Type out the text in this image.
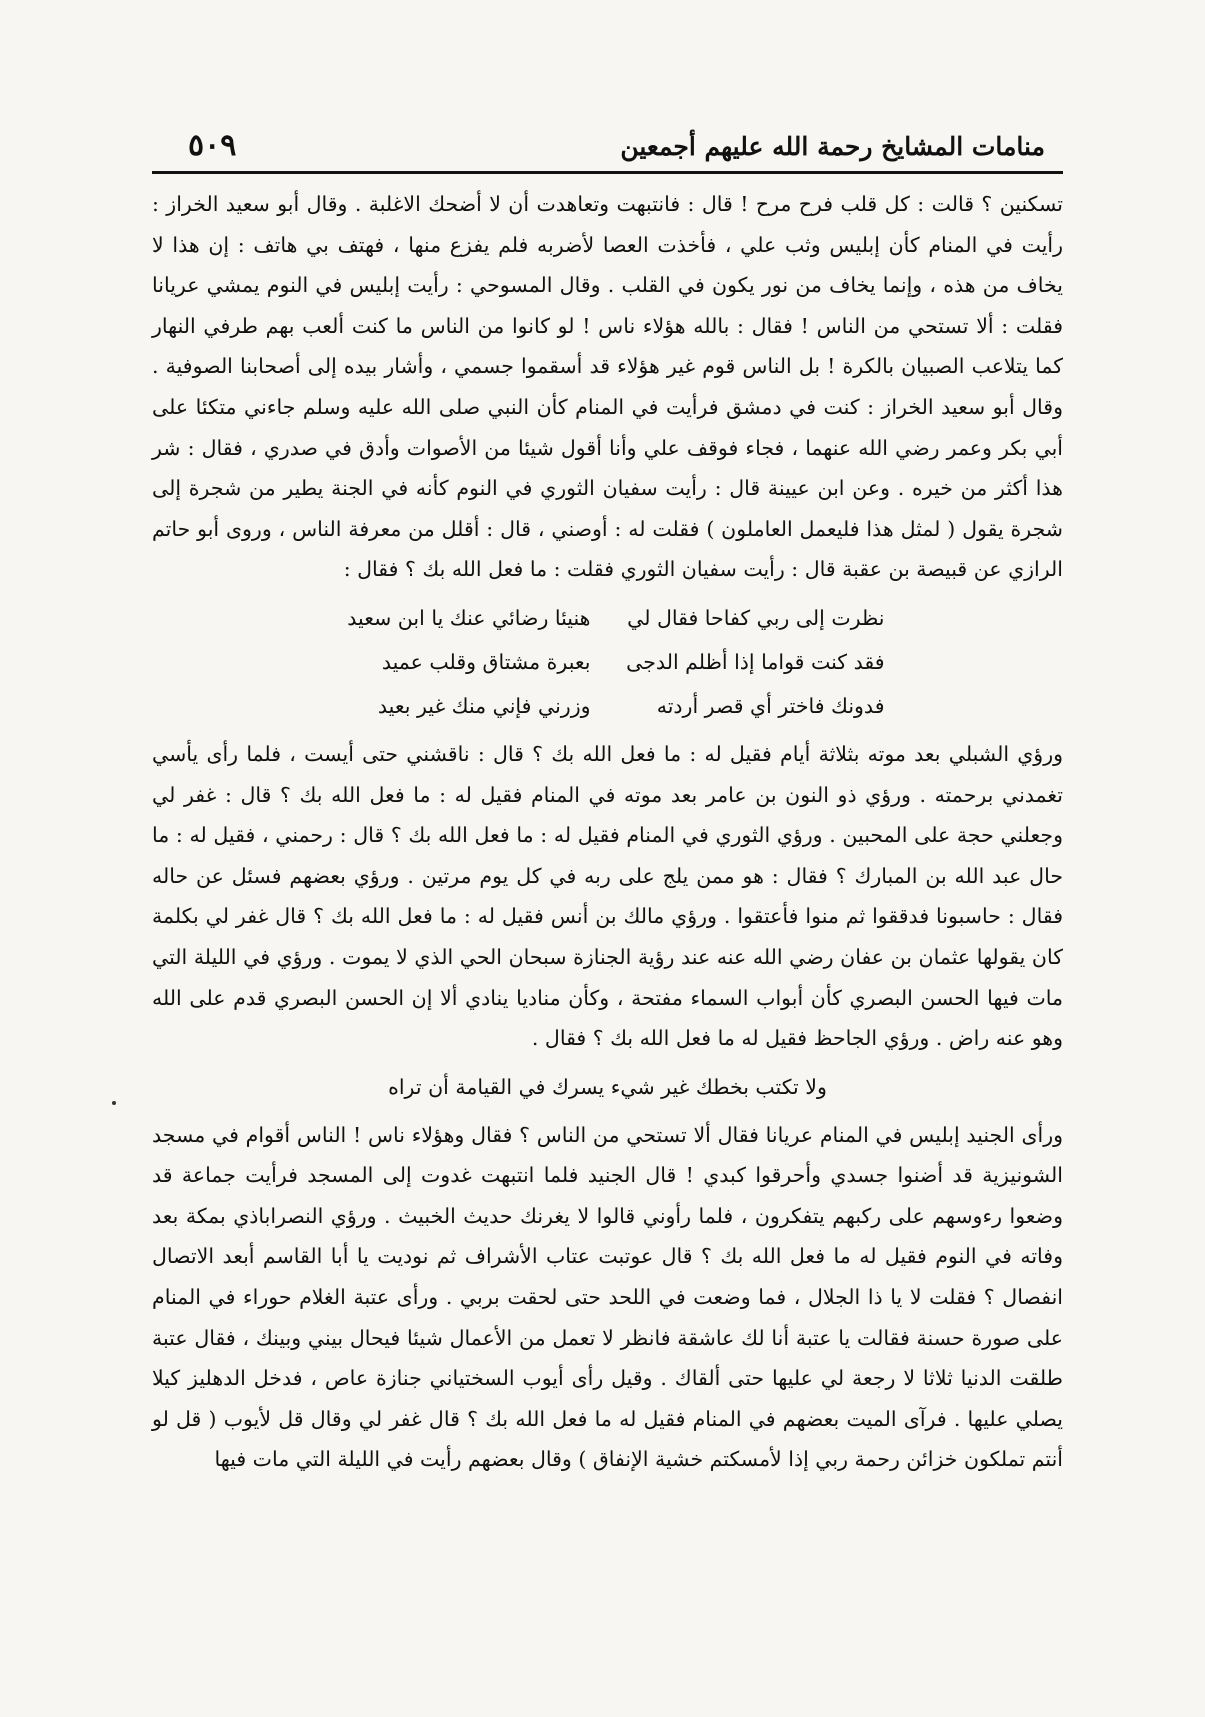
منامات المشايخ رحمة الله عليهم أجمعين
٥٠٩

تسكنين ؟ قالت : كل قلب فرح مرح ! قال : فانتبهت وتعاهدت أن لا أضحك الاغلبة . وقال أبو سعيد الخراز : رأيت في المنام كأن إبليس وثب علي ، فأخذت العصا لأضربه فلم يفزع منها ، فهتف بي هاتف : إن هذا لا يخاف من هذه ، وإنما يخاف من نور يكون في القلب . وقال المسوحي : رأيت إبليس في النوم يمشي عريانا فقلت : ألا تستحي من الناس ! فقال : بالله هؤلاء ناس ! لو كانوا من الناس ما كنت ألعب بهم طرفي النهار كما يتلاعب الصبيان بالكرة ! بل الناس قوم غير هؤلاء قد أسقموا جسمي ، وأشار بيده إلى أصحابنا الصوفية . وقال أبو سعيد الخراز : كنت في دمشق فرأيت في المنام كأن النبي صلى الله عليه وسلم جاءني متكئا على أبي بكر وعمر رضي الله عنهما ، فجاء فوقف علي وأنا أقول شيئا من الأصوات وأدق في صدري ، فقال : شر هذا أكثر من خيره . وعن ابن عيينة قال : رأيت سفيان الثوري في النوم كأنه في الجنة يطير من شجرة إلى شجرة يقول ( لمثل هذا فليعمل العاملون ) فقلت له : أوصني ، قال : أقلل من معرفة الناس ، وروى أبو حاتم الرازي عن قبيصة بن عقبة قال : رأيت سفيان الثوري فقلت : ما فعل الله بك ؟ فقال :

نظرت إلى ربي كفاحا فقال لي
هنيئا رضائي عنك يا ابن سعيد
فقد كنت قواما إذا أظلم الدجى
بعبرة مشتاق وقلب عميد
فدونك فاختر أي قصر أردته
وزرني فإني منك غير بعيد

ورؤي الشبلي بعد موته بثلاثة أيام فقيل له : ما فعل الله بك ؟ قال : ناقشني حتى أيست ، فلما رأى يأسي تغمدني برحمته . ورؤي ذو النون بن عامر بعد موته في المنام فقيل له : ما فعل الله بك ؟ قال : غفر لي وجعلني حجة على المحبين . ورؤي الثوري في المنام فقيل له : ما فعل الله بك ؟ قال : رحمني ، فقيل له : ما حال عبد الله بن المبارك ؟ فقال : هو ممن يلج على ربه في كل يوم مرتين . ورؤي بعضهم فسئل عن حاله فقال : حاسبونا فدققوا ثم منوا فأعتقوا . ورؤي مالك بن أنس فقيل له : ما فعل الله بك ؟ قال غفر لي بكلمة كان يقولها عثمان بن عفان رضي الله عنه عند رؤية الجنازة سبحان الحي الذي لا يموت . ورؤي في الليلة التي مات فيها الحسن البصري كأن أبواب السماء مفتحة ، وكأن مناديا ينادي ألا إن الحسن البصري قدم على الله وهو عنه راض . ورؤي الجاحظ فقيل له ما فعل الله بك ؟ فقال .

ولا تكتب بخطك غير شيء يسرك في القيامة أن تراه

ورأى الجنيد إبليس في المنام عريانا فقال ألا تستحي من الناس ؟ فقال وهؤلاء ناس ! الناس أقوام في مسجد الشونيزية قد أضنوا جسدي وأحرقوا كبدي ! قال الجنيد فلما انتبهت غدوت إلى المسجد فرأيت جماعة قد وضعوا رءوسهم على ركبهم يتفكرون ، فلما رأوني قالوا لا يغرنك حديث الخبيث . ورؤي النصراباذي بمكة بعد وفاته في النوم فقيل له ما فعل الله بك ؟ قال عوتبت عتاب الأشراف ثم نوديت يا أبا القاسم أبعد الاتصال انفصال ؟ فقلت لا يا ذا الجلال ، فما وضعت في اللحد حتى لحقت بربي . ورأى عتبة الغلام حوراء في المنام على صورة حسنة فقالت يا عتبة أنا لك عاشقة فانظر لا تعمل من الأعمال شيئا فيحال بيني وبينك ، فقال عتبة طلقت الدنيا ثلاثا لا رجعة لي عليها حتى ألقاك . وقيل رأى أيوب السختياني جنازة عاص ، فدخل الدهليز كيلا يصلي عليها . فرآى الميت بعضهم في المنام فقيل له ما فعل الله بك ؟ قال غفر لي وقال قل لأيوب ( قل لو أنتم تملكون خزائن رحمة ربي إذا لأمسكتم خشية الإنفاق ) وقال بعضهم رأيت في الليلة التي مات فيها
